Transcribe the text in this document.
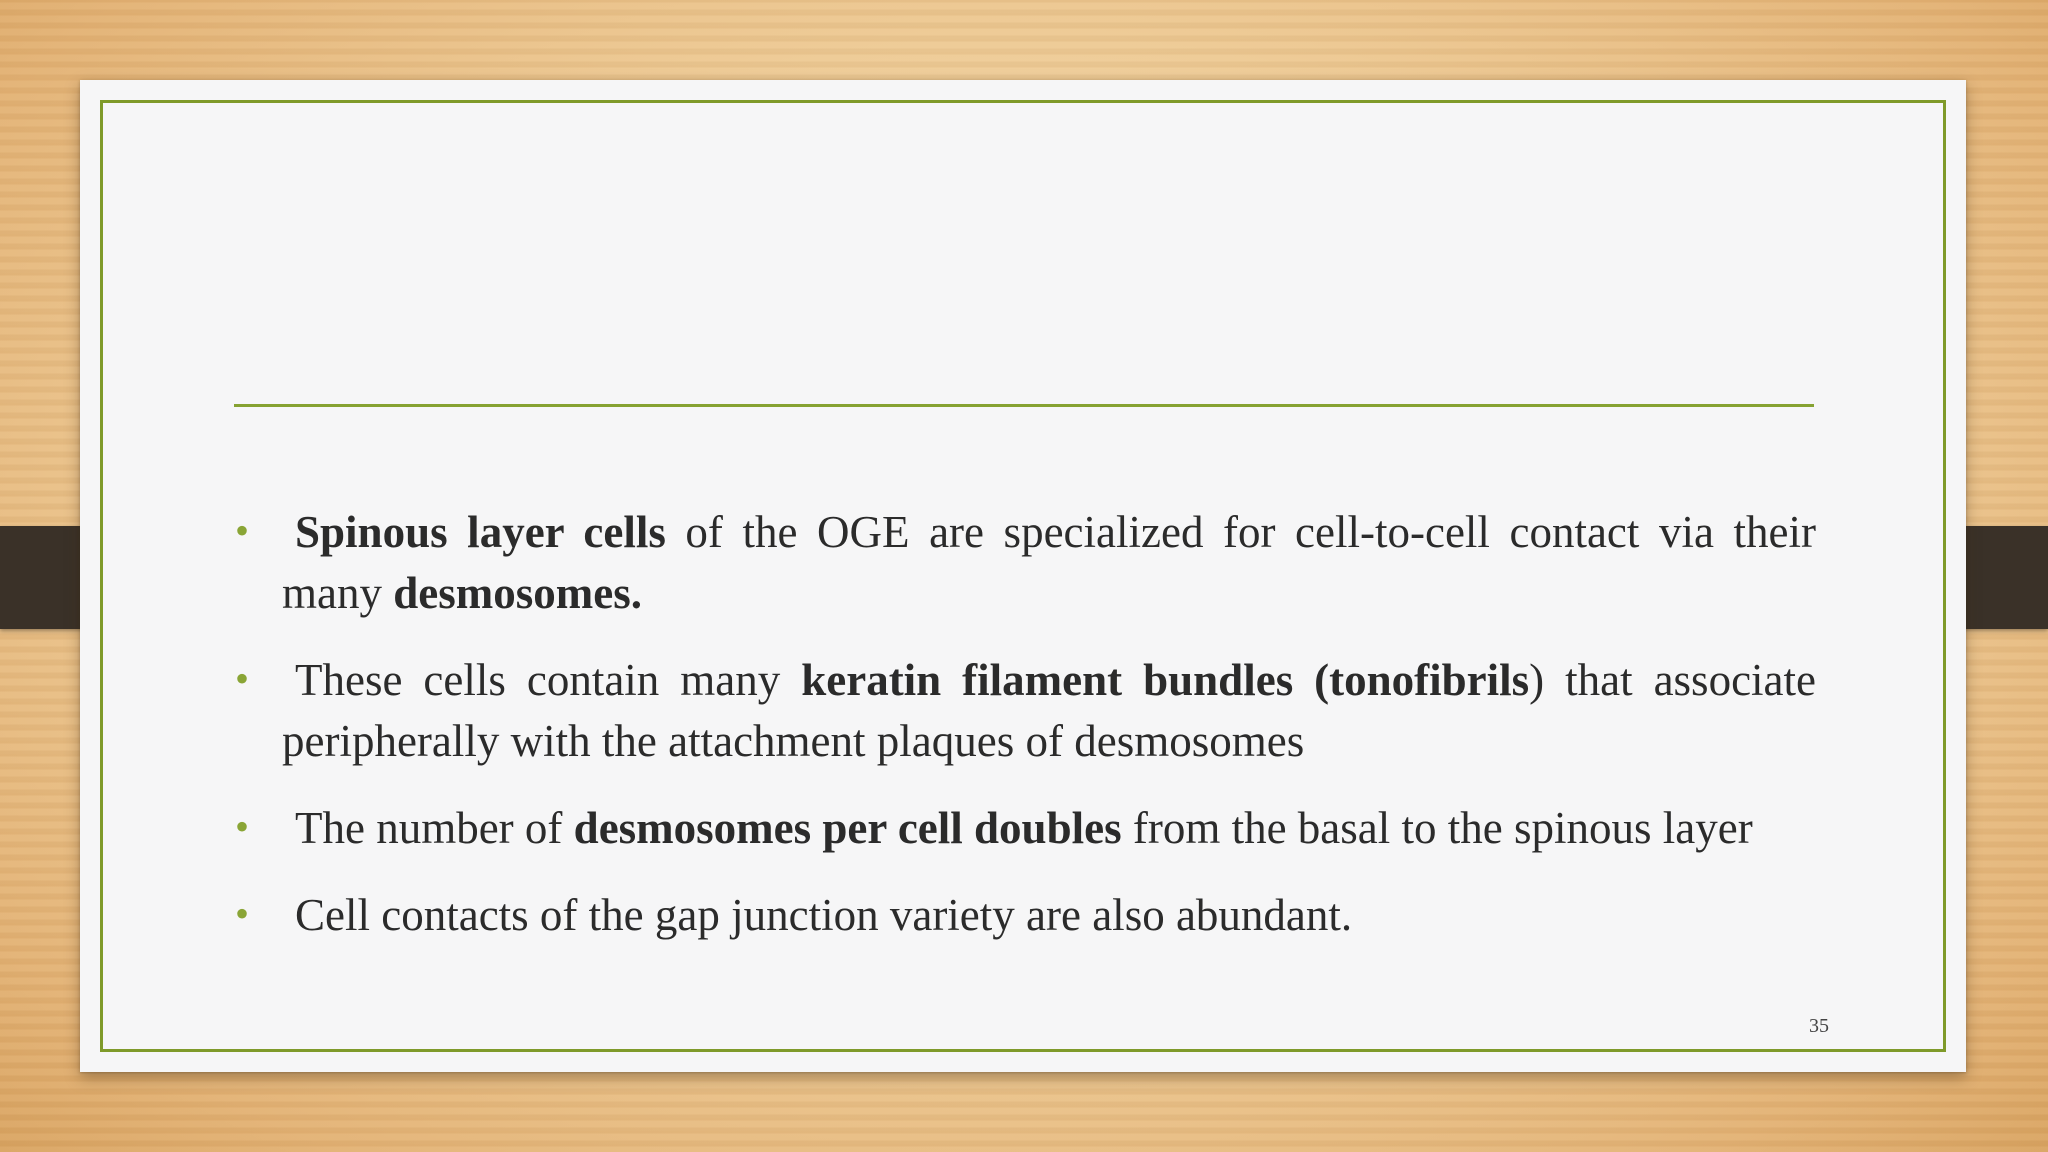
• Spinous layer cells of the OGE are specialized for cell-to-cell contact via their many desmosomes.
• These cells contain many keratin filament bundles (tonofibrils) that associate peripherally with the attachment plaques of desmosomes
• The number of desmosomes per cell doubles from the basal to the spinous layer
• Cell contacts of the gap junction variety are also abundant.
35
